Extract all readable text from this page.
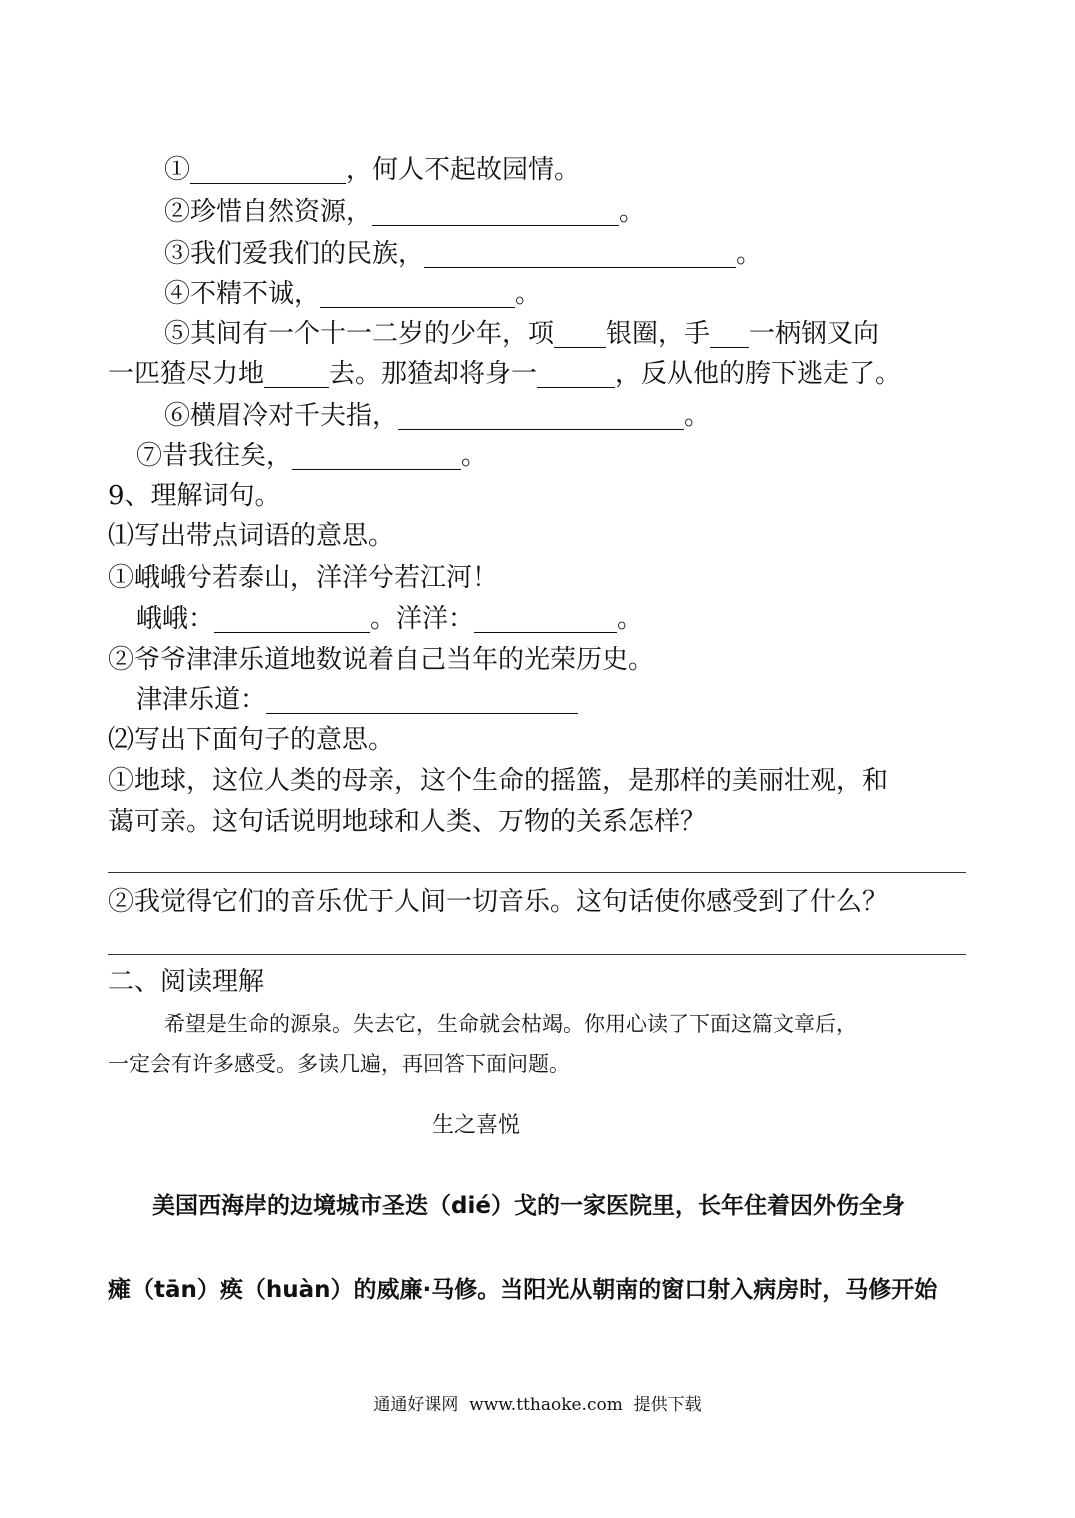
①____________，何人不起故园情。
②珍惜自然资源，___________________。
③我们爱我们的民族，________________________。
④不精不诚，_______________。
⑤其间有一个十一二岁的少年，项____银圈，手___一柄钢叉向
一匹猹尽力地_____去。那猹却将身一______，反从他的胯下逃走了。
⑥横眉冷对千夫指，______________________。
⑦昔我往矣，_____________。
9、理解词句。
⑴写出带点词语的意思。
①峨峨兮若泰山，洋洋兮若江河！
峨峨：____________。洋洋：___________。
②爷爷津津乐道地数说着自己当年的光荣历史。
津津乐道：________________________
⑵写出下面句子的意思。
①地球，这位人类的母亲，这个生命的摇篮，是那样的美丽壮观，和
蔼可亲。这句话说明地球和人类、万物的关系怎样？
②我觉得它们的音乐优于人间一切音乐。这句话使你感受到了什么？
二、阅读理解
希望是生命的源泉。失去它，生命就会枯竭。你用心读了下面这篇文章后，
一定会有许多感受。多读几遍，再回答下面问题。
生之喜悦
美国西海岸的边境城市圣迭（dié）戈的一家医院里，长年住着因外伤全身
瘫（tān）痪（huàn）的威廉·马修。当阳光从朝南的窗口射入病房时，马修开始
通通好课网  www.tthaoke.com  提供下载
